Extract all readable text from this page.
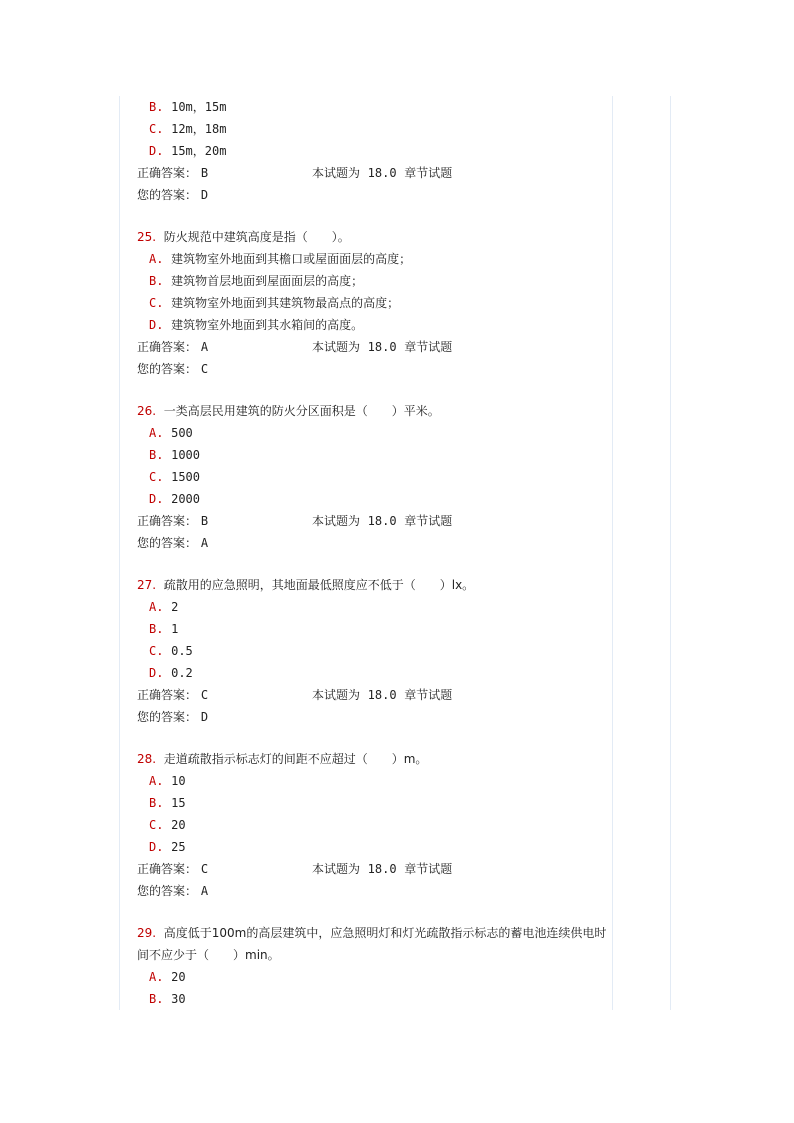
B. 10m，15m
C. 12m，18m
D. 15m，20m
正确答案： B	本试题为 18.0 章节试题
您的答案： D
25. 防火规范中建筑高度是指（　　）。
A. 建筑物室外地面到其檐口或屋面面层的高度；
B. 建筑物首层地面到屋面面层的高度；
C. 建筑物室外地面到其建筑物最高点的高度；
D. 建筑物室外地面到其水箱间的高度。
正确答案： A	本试题为 18.0 章节试题
您的答案： C
26. 一类高层民用建筑的防火分区面积是（　　）平米。
A. 500
B. 1000
C. 1500
D. 2000
正确答案： B	本试题为 18.0 章节试题
您的答案： A
27. 疏散用的应急照明，其地面最低照度应不低于（　　）lx。
A. 2
B. 1
C. 0.5
D. 0.2
正确答案： C	本试题为 18.0 章节试题
您的答案： D
28. 走道疏散指示标志灯的间距不应超过（　　）m。
A. 10
B. 15
C. 20
D. 25
正确答案： C	本试题为 18.0 章节试题
您的答案： A
29. 高度低于100m的高层建筑中，应急照明灯和灯光疏散指示标志的蓄电池连续供电时间不应少于（　　）min。
A. 20
B. 30
